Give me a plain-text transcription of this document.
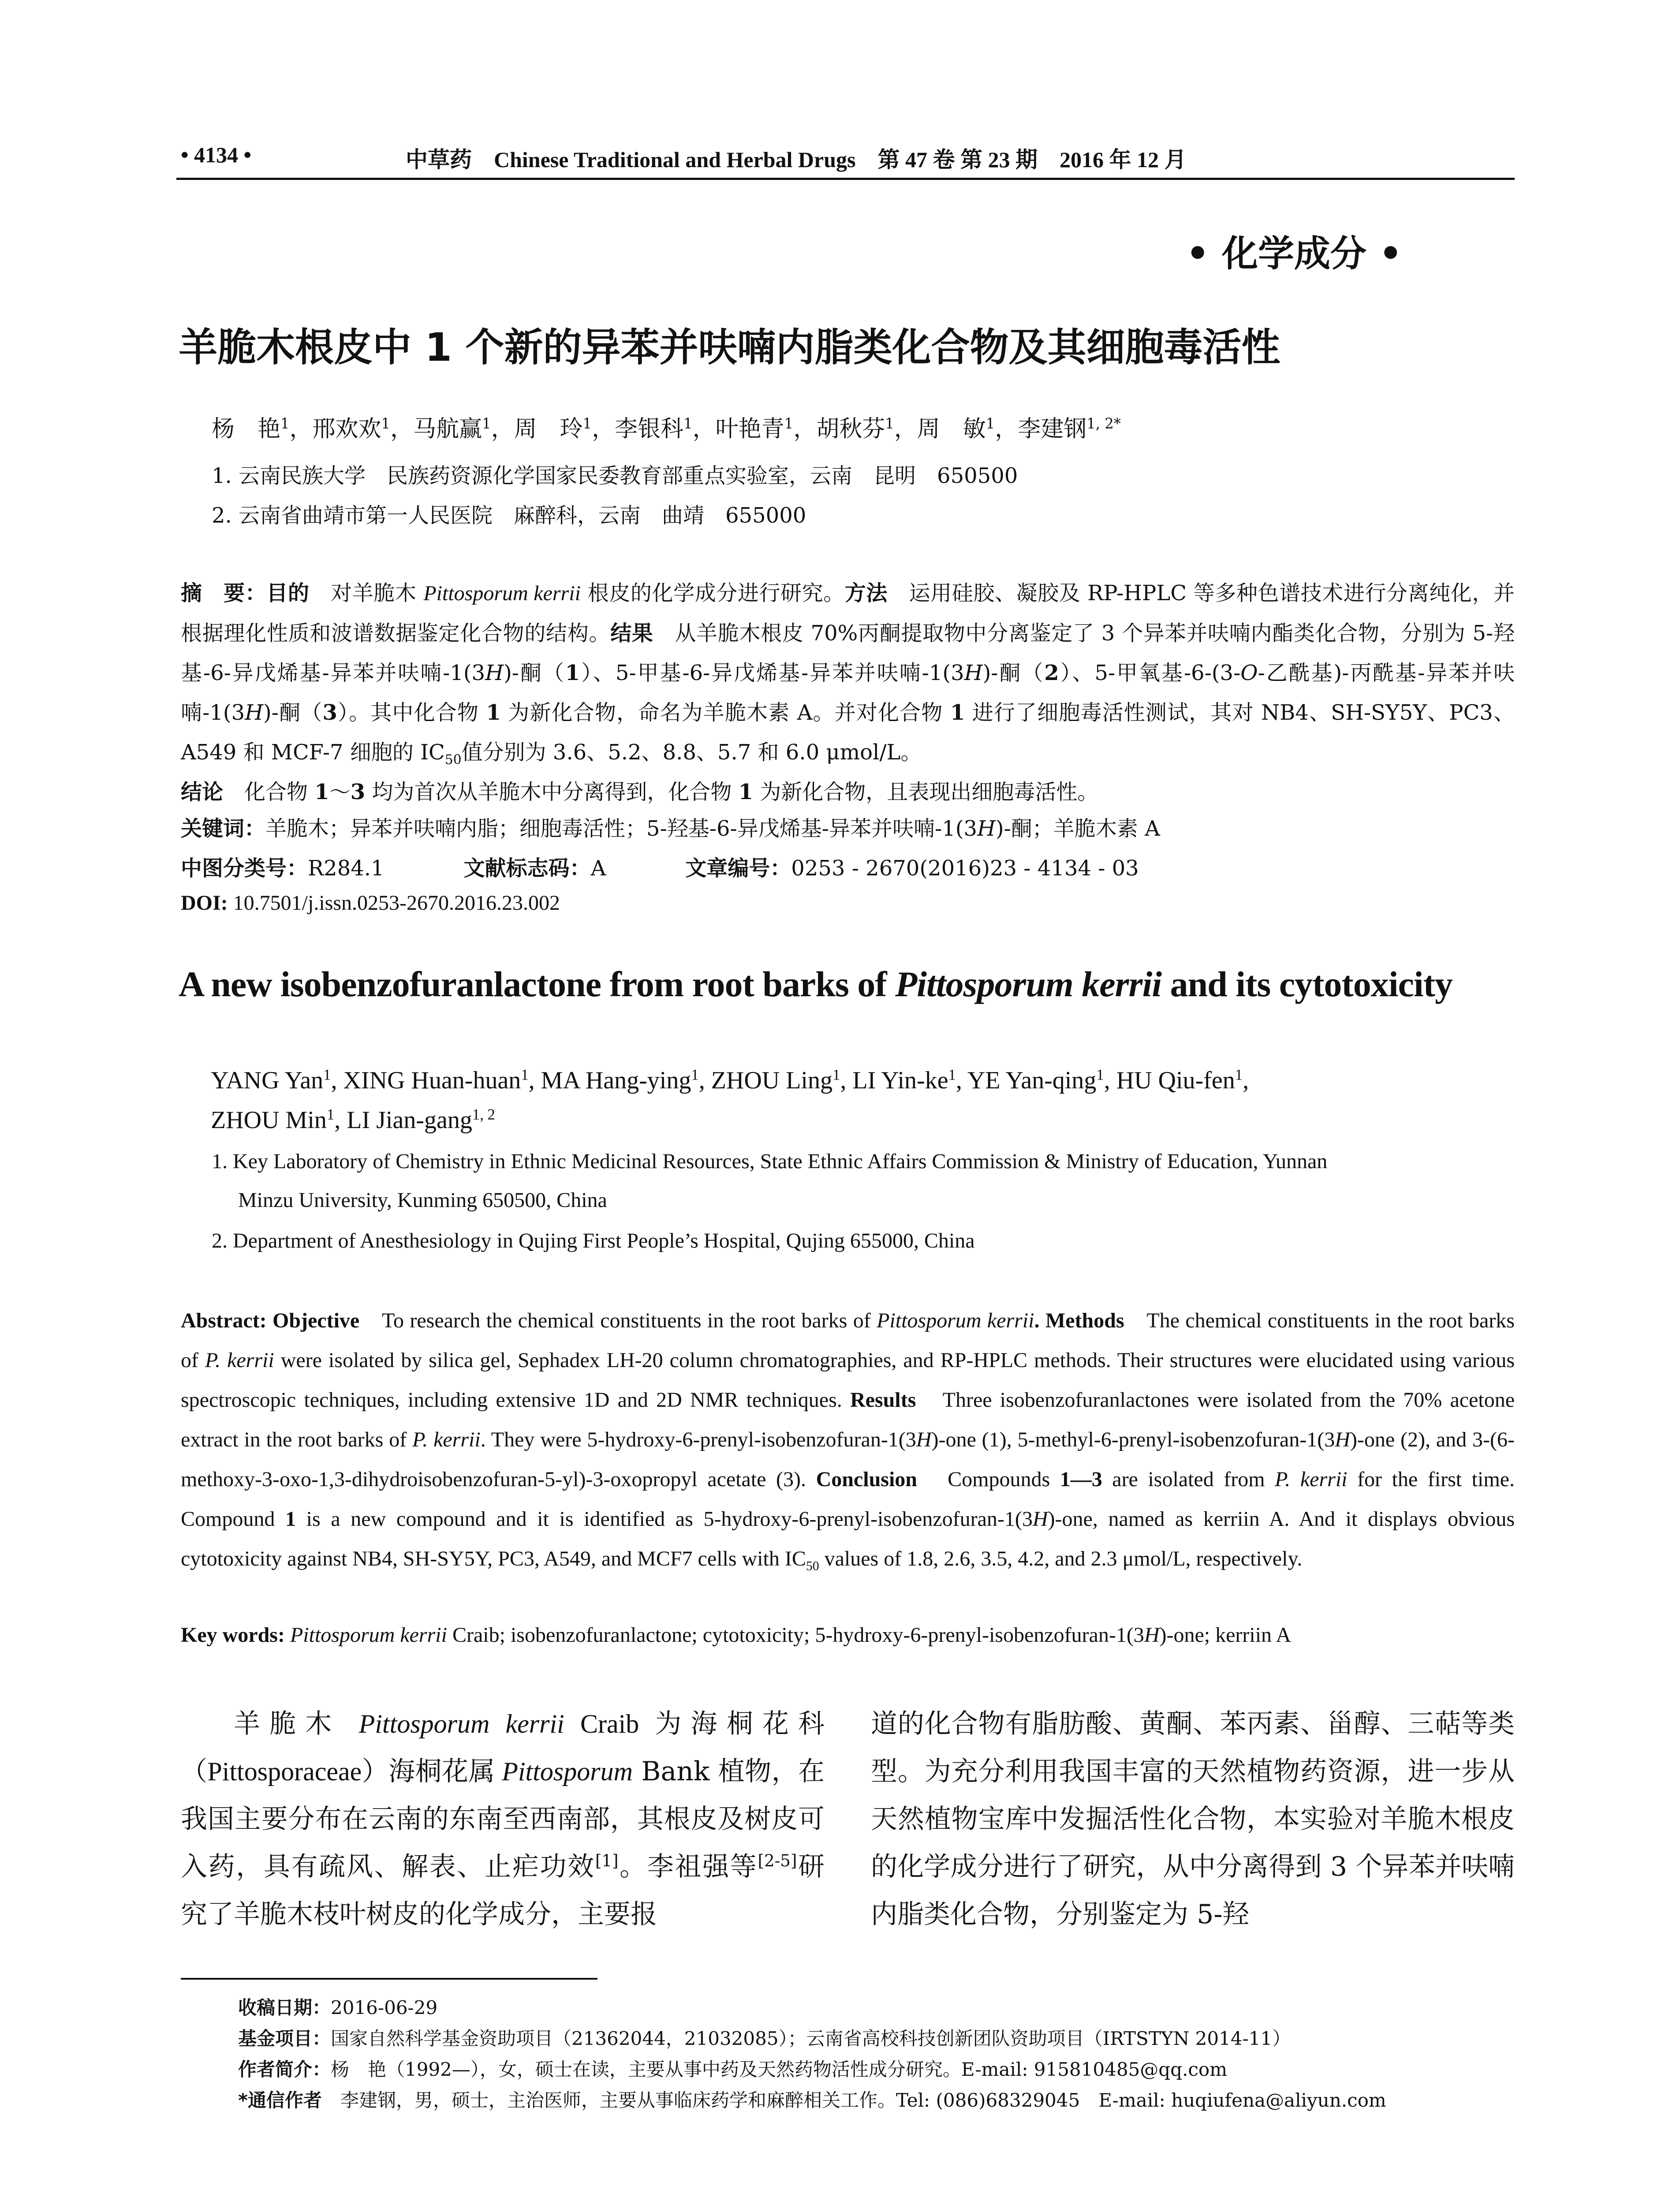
• 4134 •	中草药　Chinese Traditional and Herbal Drugs　第 47 卷 第 23 期　2016 年 12 月
• 化学成分 •
羊脆木根皮中 1 个新的异苯并呋喃内脂类化合物及其细胞毒活性
杨　艳$^1$，邢欢欢$^1$，马航赢$^1$，周　玲$^1$，李银科$^1$，叶艳青$^1$，胡秋芬$^1$，周　敏$^1$，李建钢$^{1, 2*}$
1. 云南民族大学　民族药资源化学国家民委教育部重点实验室，云南　昆明　650500
2. 云南省曲靖市第一人民医院　麻醉科，云南　曲靖　655000
摘　要：目的　对羊脆木 Pittosporum kerrii 根皮的化学成分进行研究。方法　运用硅胶、凝胶及 RP-HPLC 等多种色谱技术进行分离纯化，并根据理化性质和波谱数据鉴定化合物的结构。结果　从羊脆木根皮 70%丙酮提取物中分离鉴定了 3 个异苯并呋喃内酯类化合物，分别为 5-羟基-6-异戊烯基-异苯并呋喃-1(3H)-酮（1）、5-甲基-6-异戊烯基-异苯并呋喃-1(3H)-酮（2）、5-甲氧基-6-(3-O-乙酰基)-丙酰基-异苯并呋喃-1(3H)-酮（3）。其中化合物 1 为新化合物，命名为羊脆木素 A。并对化合物 1 进行了细胞毒活性测试，其对 NB4、SH-SY5Y、PC3、A549 和 MCF-7 细胞的 $IC_{50}$值分别为 3.6、5.2、8.8、5.7 和 6.0 μmol/L。
结论　化合物 1～3 均为首次从羊脆木中分离得到，化合物 1 为新化合物，且表现出细胞毒活性。
关键词：羊脆木；异苯并呋喃内脂；细胞毒活性；5-羟基-6-异戊烯基-异苯并呋喃-1(3H)-酮；羊脆木素 A
中图分类号：R284.1	文献标志码：A	文章编号：0253 - 2670(2016)23 - 4134 - 03
DOI: 10.7501/j.issn.0253-2670.2016.23.002
A new isobenzofuranlactone from root barks of Pittosporum kerrii and its cytotoxicity
YANG Yan$^1$, XING Huan-huan$^1$, MA Hang-ying$^1$, ZHOU Ling$^1$, LI Yin-$ke^1$, YE Yan-qing$^1$, HU Qiu-fen$^1$,
ZHOU Min$^1$, LI Jian-gang$^{1, 2}$
1. Key Laboratory of Chemistry in Ethnic Medicinal Resources, State Ethnic Affairs Commission & Ministry of Education, Yunnan
Minzu University, Kunming 650500, China
2. Department of Anesthesiology in Qujing First People’s Hospital, Qujing 655000, China
Abstract: Objective　To research the chemical constituents in the root barks of Pittosporum kerrii. Methods　The chemical constituents in the root barks of P. kerrii were isolated by silica gel, Sephadex LH-20 column chromatographies, and RP-HPLC methods. Their structures were elucidated using various spectroscopic techniques, including extensive 1D and 2D NMR techniques. Results　Three isobenzofuranlactones were isolated from the 70% acetone extract in the root barks of P. kerrii. They were 5-hydroxy-6-prenyl-isobenzofuran-1(3H)-one (1), 5-methyl-6-prenyl-isobenzofuran-1(3H)-one (2), and 3-(6-methoxy-3-oxo-1,3-dihydroisobenzofuran-5-yl)-3-oxopropyl acetate (3). Conclusion　Compounds 1—3 are isolated from P. kerrii for the first time. Compound 1 is a new compound and it is identified as 5-hydroxy-6-prenyl-isobenzofuran-1(3H)-one, named as kerriin A. And it displays obvious cytotoxicity against NB4, SH-SY5Y, PC3, A549, and MCF7 cells with $IC_{50}$ values of 1.8, 2.6, 3.5, 4.2, and 2.3 μmol/L, respectively.
Key words: Pittosporum kerrii Craib; isobenzofuranlactone; cytotoxicity; 5-hydroxy-6-prenyl-isobenzofuran-1(3H)-one; kerriin A
羊脆木 Pittosporum kerrii Craib 为海桐花科（Pittosporaceae）海桐花属 Pittosporum Bank 植物，在我国主要分布在云南的东南至西南部，其根皮及树皮可入药，具有疏风、解表、止疟功效[1]。李祖强等[2-5]研究了羊脆木枝叶树皮的化学成分，主要报
道的化合物有脂肪酸、黄酮、苯丙素、甾醇、三萜等类型。为充分利用我国丰富的天然植物药资源，进一步从天然植物宝库中发掘活性化合物，本实验对羊脆木根皮的化学成分进行了研究，从中分离得到 3 个异苯并呋喃内脂类化合物，分别鉴定为 5-羟
收稿日期：2016-06-29
基金项目：国家自然科学基金资助项目（21362044，21032085）；云南省高校科技创新团队资助项目（IRTSTYN 2014-11）
作者简介：杨　艳（1992—），女，硕士在读，主要从事中药及天然药物活性成分研究。E-mail: 915810485@qq.com
*通信作者　李建钢，男，硕士，主治医师，主要从事临床药学和麻醉相关工作。Tel: (086)68329045　E-mail: huqiufena@aliyun.com
